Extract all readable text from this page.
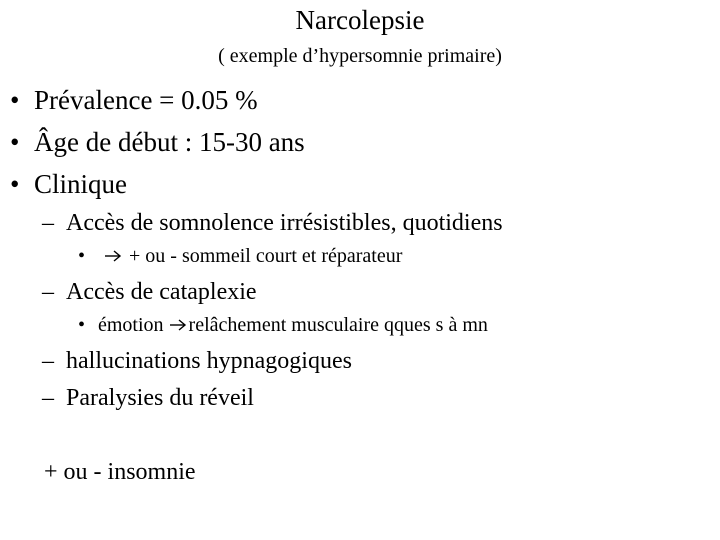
Narcolepsie
( exemple d’hypersomnie primaire)
• Prévalence = 0.05 %
• Âge de début : 15-30 ans
• Clinique
– Accès de somnolence irrésistibles, quotidiens
•	+ ou - sommeil court et réparateur
– Accès de cataplexie
• émotion relâchement musculaire qques s à mn
– hallucinations hypnagogiques
– Paralysies du réveil
+ ou - insomnie
